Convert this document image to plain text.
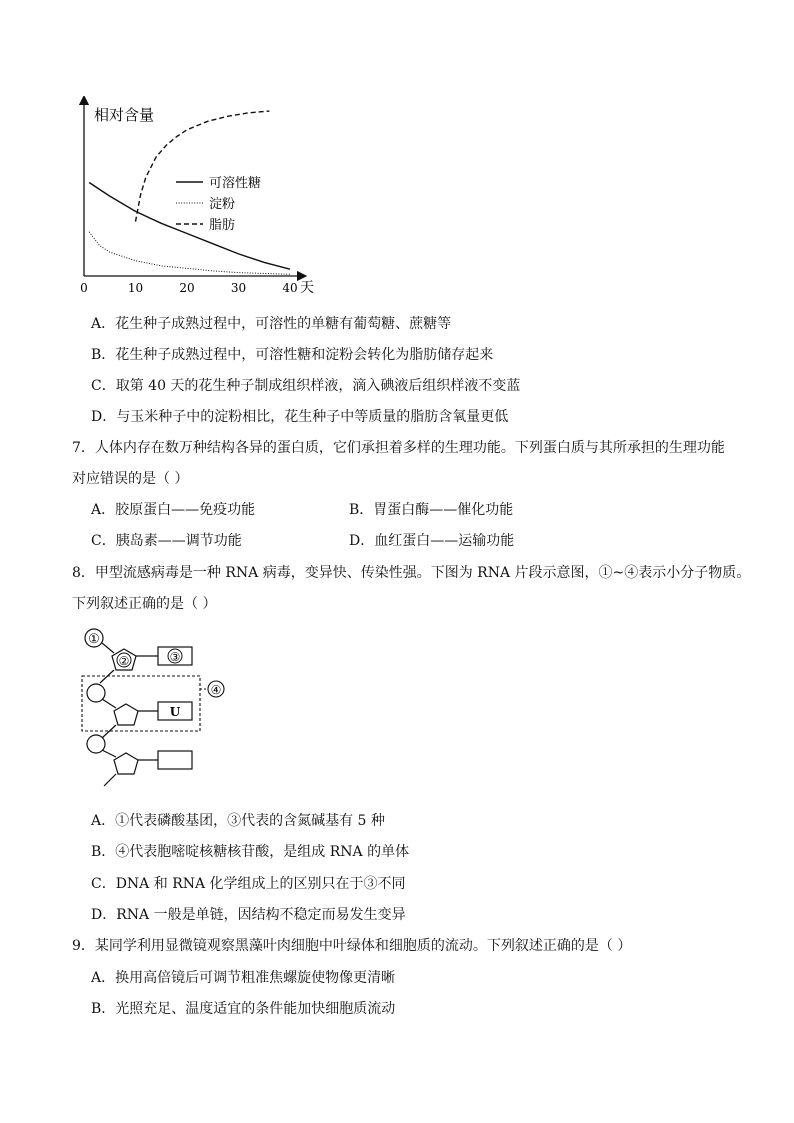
相对含量
天
0	10	20	30	40
可溶性糖
淀粉
脂肪
A．花生种子成熟过程中，可溶性的单糖有葡萄糖、蔗糖等
B．花生种子成熟过程中，可溶性糖和淀粉会转化为脂肪储存起来
C．取第 40 天的花生种子制成组织样液，滴入碘液后组织样液不变蓝
D．与玉米种子中的淀粉相比，花生种子中等质量的脂肪含氧量更低
7．人体内存在数万种结构各异的蛋白质，它们承担着多样的生理功能。下列蛋白质与其所承担的生理功能
对应错误的是（ ）
A．胶原蛋白——免疫功能	B．胃蛋白酶——催化功能
C．胰岛素——调节功能	D．血红蛋白——运输功能
8．甲型流感病毒是一种 RNA 病毒，变异快、传染性强。下图为 RNA 片段示意图，①~④表示小分子物质。
下列叙述正确的是（ ）
①
②	③
④
U
A．①代表磷酸基团，③代表的含氮碱基有 5 种
B．④代表胞嘧啶核糖核苷酸，是组成 RNA 的单体
C．DNA 和 RNA 化学组成上的区别只在于③不同
D．RNA 一般是单链，因结构不稳定而易发生变异
9．某同学利用显微镜观察黑藻叶肉细胞中叶绿体和细胞质的流动。下列叙述正确的是（ ）
A．换用高倍镜后可调节粗准焦螺旋使物像更清晰
B．光照充足、温度适宜的条件能加快细胞质流动
